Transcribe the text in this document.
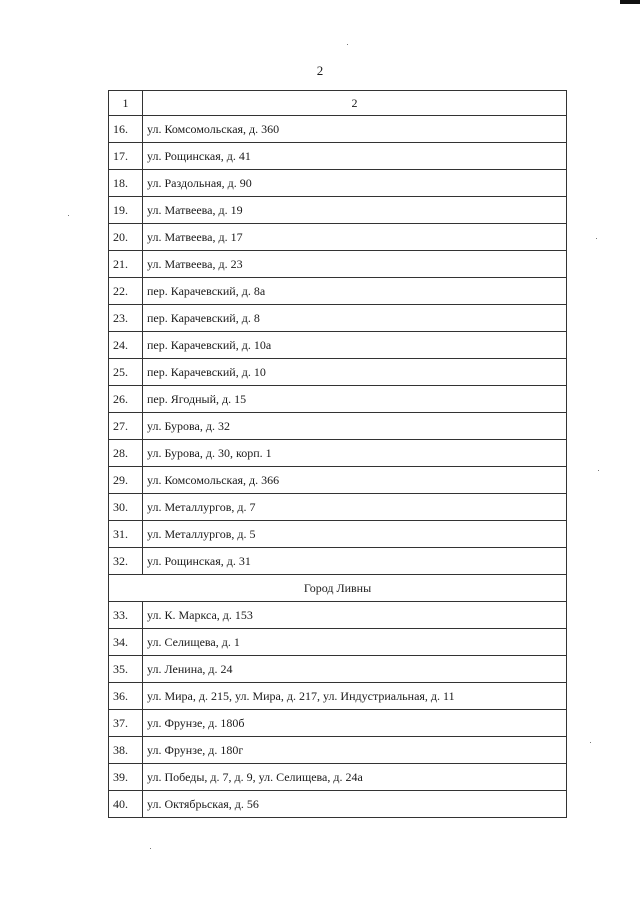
2
1	2
16.	ул. Комсомольская, д. 360
17.	ул. Рощинская, д. 41
18.	ул. Раздольная, д. 90
19.	ул. Матвеева, д. 19
20.	ул. Матвеева, д. 17
21.	ул. Матвеева, д. 23
22.	пер. Карачевский, д. 8а
23.	пер. Карачевский, д. 8
24.	пер. Карачевский, д. 10а
25.	пер. Карачевский, д. 10
26.	пер. Ягодный, д. 15
27.	ул. Бурова, д. 32
28.	ул. Бурова, д. 30, корп. 1
29.	ул. Комсомольская, д. 366
30.	ул. Металлургов, д. 7
31.	ул. Металлургов, д. 5
32.	ул. Рощинская, д. 31
Город Ливны	
33.	ул. К. Маркса, д. 153
34.	ул. Селищева, д. 1
35.	ул. Ленина, д. 24
36.	ул. Мира, д. 215, ул. Мира, д. 217, ул. Индустриальная, д. 11
37.	ул. Фрунзе, д. 180б
38.	ул. Фрунзе, д. 180г
39.	ул. Победы, д. 7, д. 9, ул. Селищева, д. 24а
40.	ул. Октябрьская, д. 56
